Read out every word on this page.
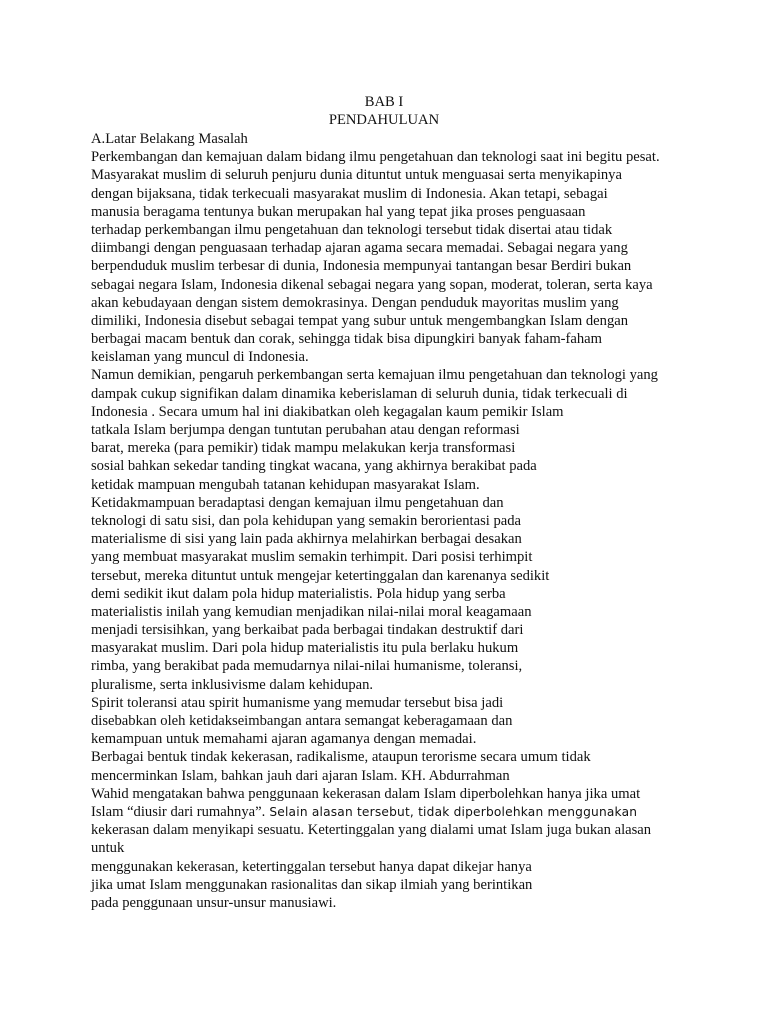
BAB I
PENDAHULUAN
A.Latar Belakang Masalah
Perkembangan dan kemajuan dalam bidang ilmu pengetahuan dan teknologi saat ini begitu pesat.
Masyarakat muslim di seluruh penjuru dunia dituntut untuk menguasai serta menyikapinya
dengan bijaksana, tidak terkecuali masyarakat muslim di Indonesia. Akan tetapi, sebagai
manusia beragama tentunya bukan merupakan hal yang tepat jika proses penguasaan
terhadap perkembangan ilmu pengetahuan dan teknologi tersebut tidak disertai atau tidak
diimbangi dengan penguasaan terhadap ajaran agama secara memadai. Sebagai negara yang
berpenduduk muslim terbesar di dunia, Indonesia mempunyai tantangan besar Berdiri bukan
sebagai negara Islam, Indonesia dikenal sebagai negara yang sopan, moderat, toleran, serta kaya
akan kebudayaan dengan sistem demokrasinya. Dengan penduduk mayoritas muslim yang
dimiliki, Indonesia disebut sebagai tempat yang subur untuk mengembangkan Islam dengan
berbagai macam bentuk dan corak, sehingga tidak bisa dipungkiri banyak faham-faham
keislaman yang muncul di Indonesia.
Namun demikian, pengaruh perkembangan serta kemajuan ilmu pengetahuan dan teknologi yang
dampak cukup signifikan dalam dinamika keberislaman di seluruh dunia, tidak terkecuali di
Indonesia . Secara umum hal ini diakibatkan oleh kegagalan kaum pemikir Islam
tatkala Islam berjumpa dengan tuntutan perubahan atau dengan reformasi
barat, mereka (para pemikir) tidak mampu melakukan kerja transformasi
sosial bahkan sekedar tanding tingkat wacana, yang akhirnya berakibat pada
ketidak mampuan mengubah tatanan kehidupan masyarakat Islam.
Ketidakmampuan beradaptasi dengan kemajuan ilmu pengetahuan dan
teknologi di satu sisi, dan pola kehidupan yang semakin berorientasi pada
materialisme di sisi yang lain pada akhirnya melahirkan berbagai desakan
yang membuat masyarakat muslim semakin terhimpit. Dari posisi terhimpit
tersebut, mereka dituntut untuk mengejar ketertinggalan dan karenanya sedikit
demi sedikit ikut dalam pola hidup materialistis. Pola hidup yang serba
materialistis inilah yang kemudian menjadikan nilai-nilai moral keagamaan
menjadi tersisihkan, yang berkaibat pada berbagai tindakan destruktif dari
masyarakat muslim. Dari pola hidup materialistis itu pula berlaku hukum
rimba, yang berakibat pada memudarnya nilai-nilai humanisme, toleransi,
pluralisme, serta inklusivisme dalam kehidupan.
Spirit toleransi atau spirit humanisme yang memudar tersebut bisa jadi
disebabkan oleh ketidakseimbangan antara semangat keberagamaan dan
kemampuan untuk memahami ajaran agamanya dengan memadai.
Berbagai bentuk tindak kekerasan, radikalisme, ataupun terorisme secara umum tidak
mencerminkan Islam, bahkan jauh dari ajaran Islam. KH. Abdurrahman
Wahid mengatakan bahwa penggunaan kekerasan dalam Islam diperbolehkan hanya jika umat
Islam “diusir dari rumahnya”. Selain alasan tersebut, tidak diperbolehkan menggunakan
kekerasan dalam menyikapi sesuatu. Ketertinggalan yang dialami umat Islam juga bukan alasan
untuk
menggunakan kekerasan, ketertinggalan tersebut hanya dapat dikejar hanya
jika umat Islam menggunakan rasionalitas dan sikap ilmiah yang berintikan
pada penggunaan unsur-unsur manusiawi.
